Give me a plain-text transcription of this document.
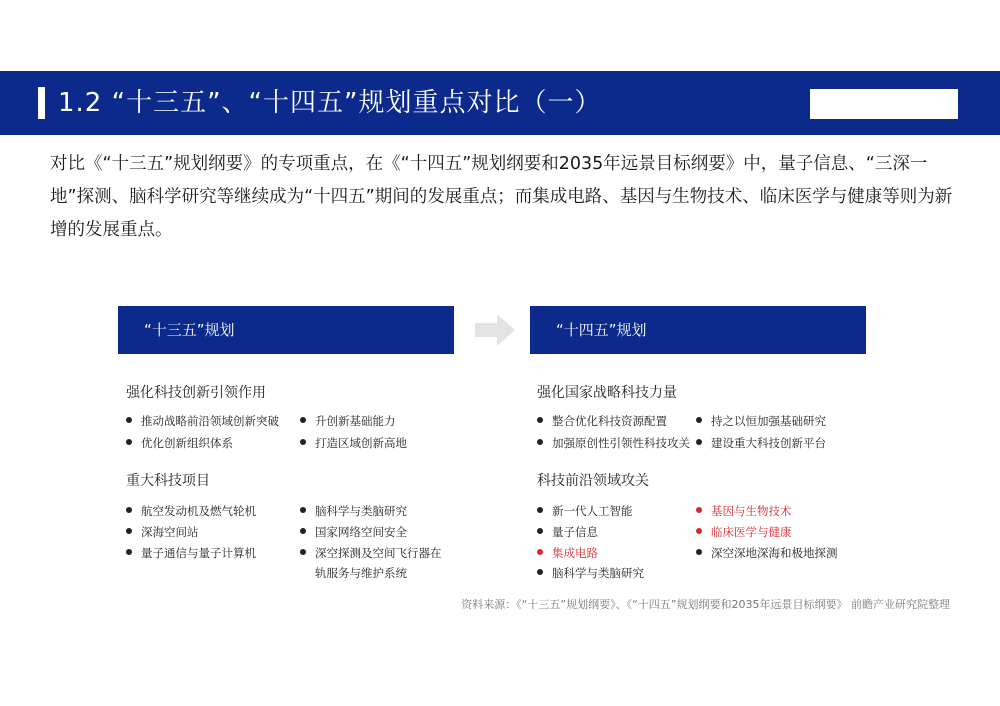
1.2 “十三五”、“十四五”规划重点对比（一）
对比《“十三五”规划纲要》的专项重点，在《“十四五”规划纲要和2035年远景目标纲要》中，量子信息、“三深一地”探测、脑科学研究等继续成为“十四五”期间的发展重点；而集成电路、基因与生物技术、临床医学与健康等则为新增的发展重点。
“十三五”规划	“十四五”规划
强化科技创新引领作用
推动战略前沿领域创新突破
优化创新组织体系
升创新基础能力
打造区域创新高地
重大科技项目
航空发动机及燃气轮机
深海空间站
量子通信与量子计算机
脑科学与类脑研究
国家网络空间安全
深空探测及空间飞行器在
轨服务与维护系统
强化国家战略科技力量
整合优化科技资源配置
加强原创性引领性科技攻关
持之以恒加强基础研究
建设重大科技创新平台
科技前沿领域攻关
新一代人工智能
量子信息
集成电路
脑科学与类脑研究
基因与生物技术
临床医学与健康
深空深地深海和极地探测
资料来源：《“十三五”规划纲要》、《“十四五”规划纲要和2035年远景目标纲要》 前瞻产业研究院整理
